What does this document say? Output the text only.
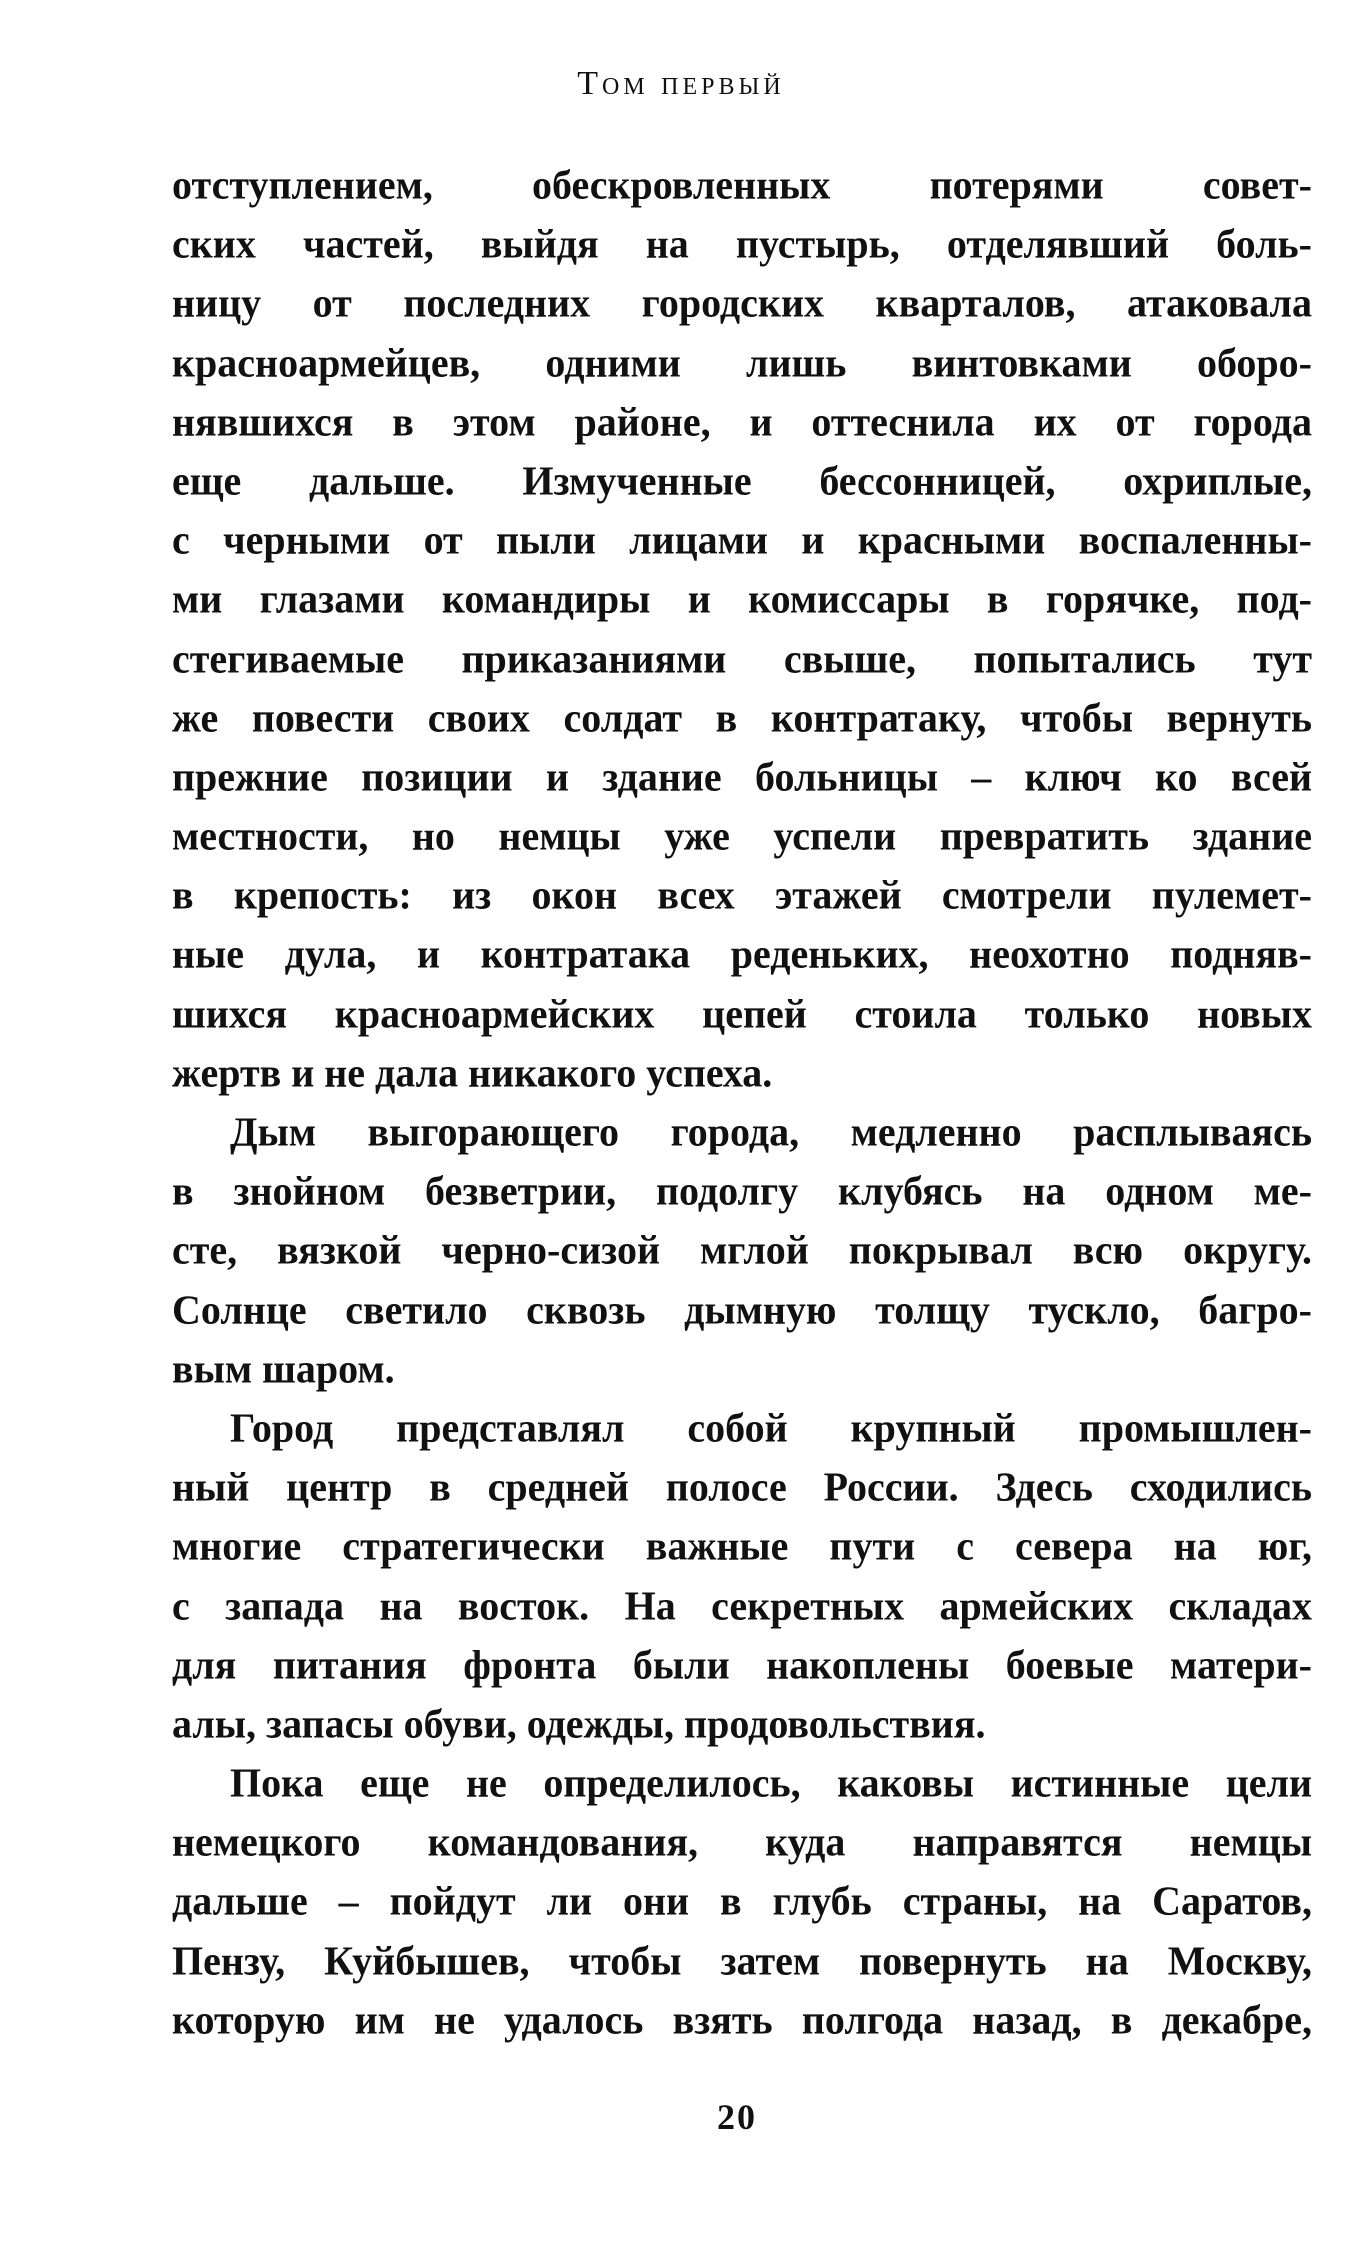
Том первый
отступлением, обескровленных потерями совет-
ских частей, выйдя на пустырь, отделявший боль-
ницу от последних городских кварталов, атаковала
красноармейцев, одними лишь винтовками оборо-
нявшихся в этом районе, и оттеснила их от города
еще дальше. Измученные бессонницей, охриплые,
с черными от пыли лицами и красными воспаленны-
ми глазами командиры и комиссары в горячке, под-
стегиваемые приказаниями свыше, попытались тут
же повести своих солдат в контратаку, чтобы вернуть
прежние позиции и здание больницы – ключ ко всей
местности, но немцы уже успели превратить здание
в крепость: из окон всех этажей смотрели пулемет-
ные дула, и контратака реденьких, неохотно подняв-
шихся красноармейских цепей стоила только новых
жертв и не дала никакого успеха.
Дым выгорающего города, медленно расплываясь
в знойном безветрии, подолгу клубясь на одном ме-
сте, вязкой черно-сизой мглой покрывал всю округу.
Солнце светило сквозь дымную толщу тускло, багро-
вым шаром.
Город представлял собой крупный промышлен-
ный центр в средней полосе России. Здесь сходились
многие стратегически важные пути с севера на юг,
с запада на восток. На секретных армейских складах
для питания фронта были накоплены боевые матери-
алы, запасы обуви, одежды, продовольствия.
Пока еще не определилось, каковы истинные цели
немецкого командования, куда направятся немцы
дальше – пойдут ли они в глубь страны, на Саратов,
Пензу, Куйбышев, чтобы затем повернуть на Москву,
которую им не удалось взять полгода назад, в декабре,
20
